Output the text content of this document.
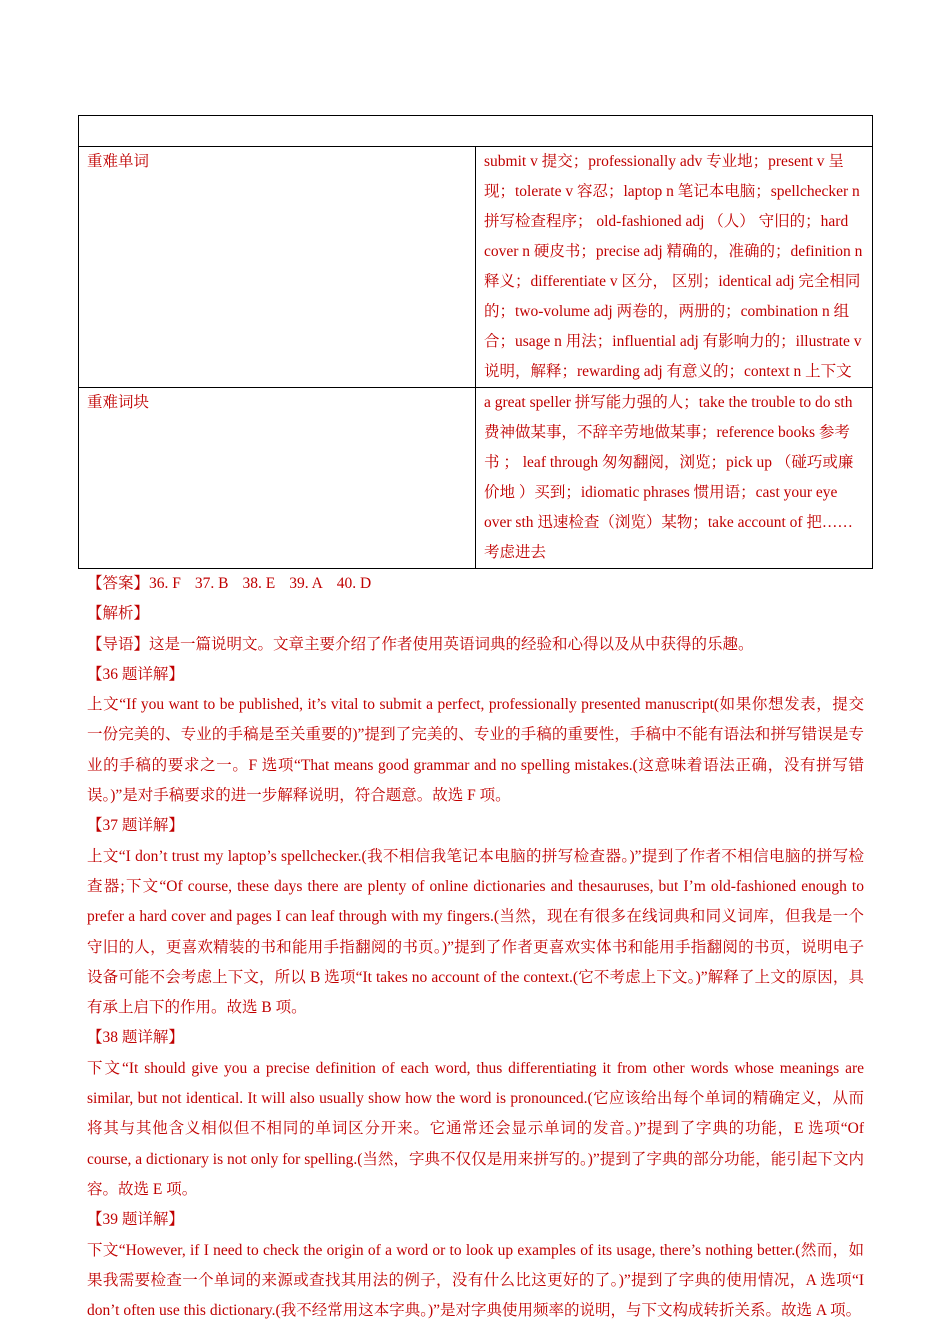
重难单词	submit v 提交；professionally adv 专业地；present v 呈现；tolerate v 容忍；laptop n 笔记本电脑；spellchecker n 拼写检查程序； old-fashioned adj （人） 守旧的；hard cover n 硬皮书；precise adj 精确的，准确的；definition n 释义；differentiate v 区分， 区别；identical adj 完全相同的；two-volume adj 两卷的，两册的；combination n 组合；usage n 用法；influential adj 有影响力的；illustrate v 说明，解释；rewarding adj 有意义的；context n 上下文
重难词块	a great speller 拼写能力强的人；take the trouble to do sth 费神做某事，不辞辛劳地做某事；reference books 参考书 ； leaf through 匆匆翻阅，浏览；pick up （碰巧或廉价地 ）买到；idiomatic phrases 惯用语；cast your eye over sth 迅速检查（浏览）某物；take account of 把…… 考虑进去

【答案】36. F 37. B 38. E 39. A 40. D

【解析】

【导语】这是一篇说明文。文章主要介绍了作者使用英语词典的经验和心得以及从中获得的乐趣。

【36 题详解】

上文“If you want to be published, it’s vital to submit a perfect, professionally presented manuscript(如果你想发表，提交一份完美的、专业的手稿是至关重要的)”提到了完美的、专业的手稿的重要性，手稿中不能有语法和拼写错误是专业的手稿的要求之一。F 选项“That means good grammar and no spelling mistakes.(这意味着语法正确，没有拼写错误。)”是对手稿要求的进一步解释说明，符合题意。故选 F 项。

【37 题详解】

上文“I don’t trust my laptop’s spellchecker.(我不相信我笔记本电脑的拼写检查器。)”提到了作者不相信电脑的拼写检查器;下文“Of course, these days there are plenty of online dictionaries and thesauruses, but I’m old-fashioned enough to prefer a hard cover and pages I can leaf through with my fingers.(当然，现在有很多在线词典和同义词库，但我是一个守旧的人，更喜欢精装的书和能用手指翻阅的书页。)”提到了作者更喜欢实体书和能用手指翻阅的书页，说明电子设备可能不会考虑上下文，所以 B 选项“It takes no account of the context.(它不考虑上下文。)”解释了上文的原因，具有承上启下的作用。故选 B 项。

【38 题详解】

下文“It should give you a precise definition of each word, thus differentiating it from other words whose meanings are similar, but not identical. It will also usually show how the word is pronounced.(它应该给出每个单词的精确定义，从而将其与其他含义相似但不相同的单词区分开来。它通常还会显示单词的发音。)”提到了字典的功能，E 选项“Of course, a dictionary is not only for spelling.(当然，字典不仅仅是用来拼写的。)”提到了字典的部分功能，能引起下文内容。故选 E 项。

【39 题详解】

下文“However, if I need to check the origin of a word or to look up examples of its usage, there’s nothing better.(然而，如果我需要检查一个单词的来源或查找其用法的例子，没有什么比这更好的了。)”提到了字典的使用情况，A 选项“I don’t often use this dictionary.(我不经常用这本字典。)”是对字典使用频率的说明，与下文构成转折关系。故选 A 项。
